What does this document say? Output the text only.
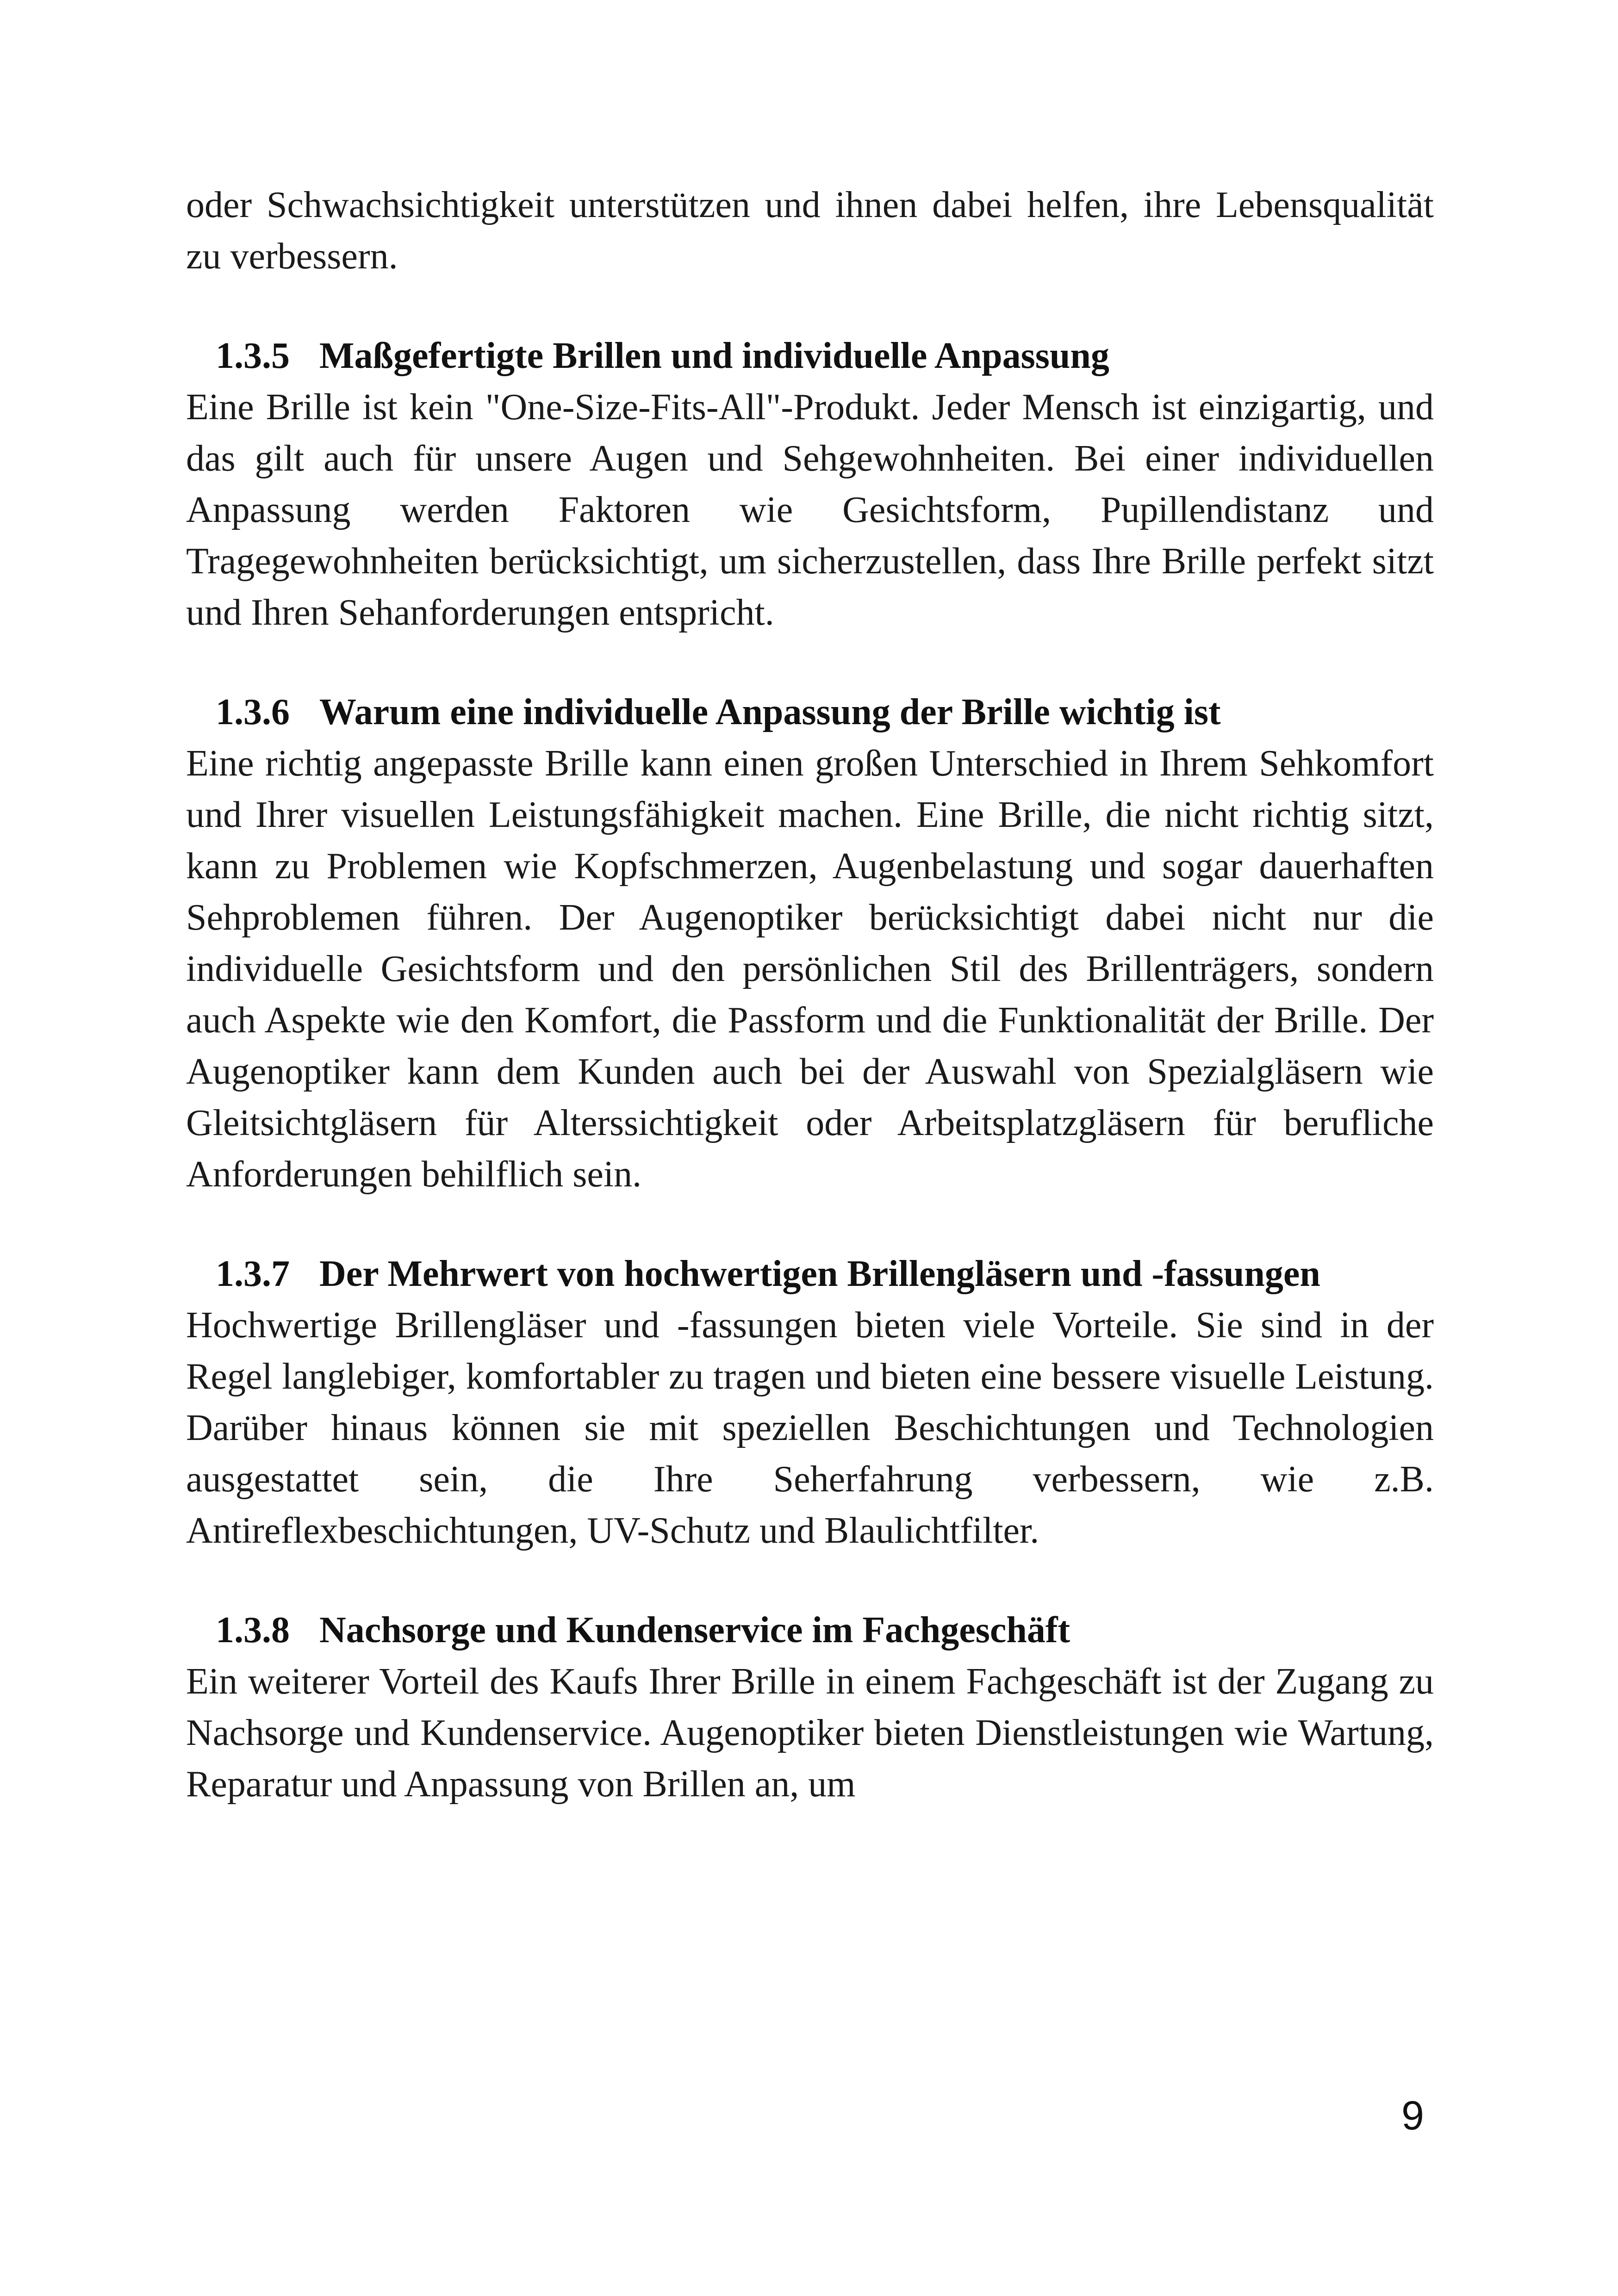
oder Schwachsichtigkeit unterstützen und ihnen dabei helfen, ihre Lebensqualität zu verbessern.

1.3.5 Maßgefertigte Brillen und individuelle Anpassung

Eine Brille ist kein "One-Size-Fits-All"-Produkt. Jeder Mensch ist einzigartig, und das gilt auch für unsere Augen und Sehgewohnheiten. Bei einer individuellen Anpassung werden Faktoren wie Gesichtsform, Pupillendistanz und Tragegewohnheiten berücksichtigt, um sicherzustellen, dass Ihre Brille perfekt sitzt und Ihren Sehanforderungen entspricht.

1.3.6 Warum eine individuelle Anpassung der Brille wichtig ist

Eine richtig angepasste Brille kann einen großen Unterschied in Ihrem Sehkomfort und Ihrer visuellen Leistungsfähigkeit machen. Eine Brille, die nicht richtig sitzt, kann zu Problemen wie Kopfschmerzen, Augenbelastung und sogar dauerhaften Sehproblemen führen. Der Augenoptiker berücksichtigt dabei nicht nur die individuelle Gesichtsform und den persönlichen Stil des Brillenträgers, sondern auch Aspekte wie den Komfort, die Passform und die Funktionalität der Brille. Der Augenoptiker kann dem Kunden auch bei der Auswahl von Spezialgläsern wie Gleitsichtgläsern für Alterssichtigkeit oder Arbeitsplatzgläsern für berufliche Anforderungen behilflich sein.

1.3.7 Der Mehrwert von hochwertigen Brillengläsern und -fassungen

Hochwertige Brillengläser und -fassungen bieten viele Vorteile. Sie sind in der Regel langlebiger, komfortabler zu tragen und bieten eine bessere visuelle Leistung. Darüber hinaus können sie mit speziellen Beschichtungen und Technologien ausgestattet sein, die Ihre Seherfahrung verbessern, wie z.B. Antireflexbeschichtungen, UV-Schutz und Blaulichtfilter.

1.3.8 Nachsorge und Kundenservice im Fachgeschäft

Ein weiterer Vorteil des Kaufs Ihrer Brille in einem Fachgeschäft ist der Zugang zu Nachsorge und Kundenservice. Augenoptiker bieten Dienstleistungen wie Wartung, Reparatur und Anpassung von Brillen an, um

9
